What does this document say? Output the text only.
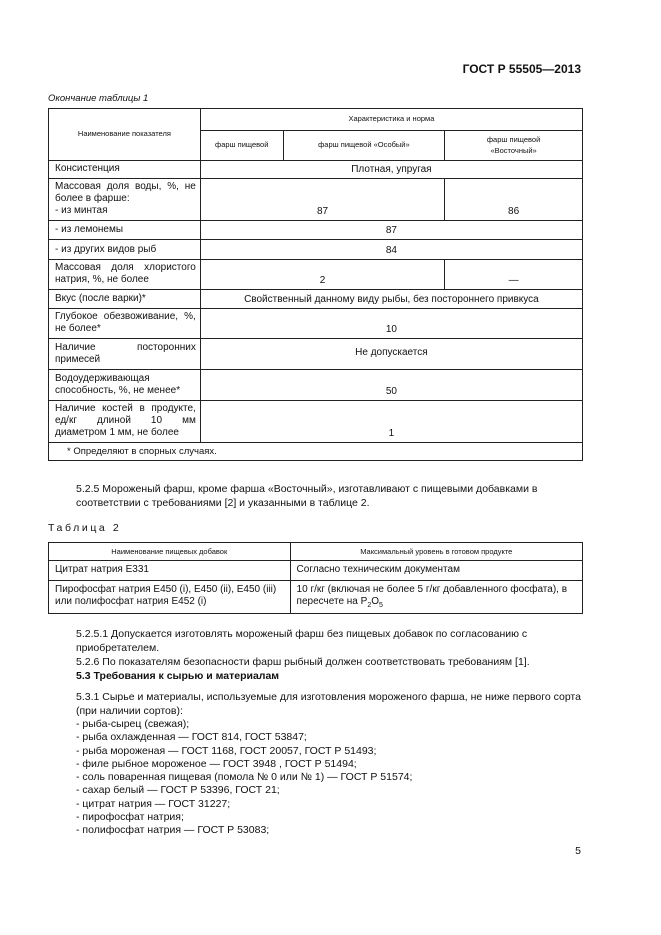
ГОСТ Р 55505—2013
Окончание таблицы 1
Наименование показателя	Характеристика и норма		
	фарш пищевой	фарш пищевой «Особый»	фарш пищевой «Восточный»
Консистенция	Плотная, упругая		

Массовая доля воды, %, не более в фарше:
- из минтая	87		86
- из лемонемы	87		
- из других видов рыб	84		
Массовая доля хлористого натрия, %, не более	2		—
Вкус (после варки)*	Свойственный данному виду рыбы, без постороннего привкуса		
Глубокое обезвоживание, %, не более*	10		
Наличие посторонних примесей	Не допускается		
Водоудерживающая способность, %, не менее*	50		
Наличие костей в продукте, ед/кг длиной 10 мм диаметром 1 мм, не более	1		
* Определяют в спорных случаях.			
5.2.5 Мороженый фарш, кроме фарша «Восточный», изготавливают с пищевыми добавками в соответствии с требованиями [2] и указанными в таблице 2.
Таблица 2
Наименование пищевых добавок	Максимальный уровень в готовом продукте
Цитрат натрия Е331	Согласно техническим документам
Пирофосфат натрия Е450 (i), Е450 (ii), Е450 (iii) или полифосфат натрия Е452 (i)	10 г/кг (включая не более 5 г/кг добавленного фосфата), в пересчете на $P_2O_5$
5.2.5.1 Допускается изготовлять мороженый фарш без пищевых добавок по согласованию с приобретателем.
5.2.6 По показателям безопасности фарш рыбный должен соответствовать требованиям [1].
5.3 Требования к сырью и материалам
5.3.1 Сырье и материалы, используемые для изготовления мороженого фарша, не ниже первого сорта (при наличии сортов):
- рыба-сырец (свежая);
- рыба охлажденная — ГОСТ 814, ГОСТ 53847;
- рыба мороженая — ГОСТ 1168, ГОСТ 20057, ГОСТ Р 51493;
- филе рыбное мороженое — ГОСТ 3948 , ГОСТ Р 51494;
- соль поваренная пищевая (помола № 0 или № 1) — ГОСТ Р 51574;
- сахар белый — ГОСТ Р 53396, ГОСТ 21;
- цитрат натрия — ГОСТ 31227;
- пирофосфат натрия;
- полифосфат натрия — ГОСТ Р 53083;
5
